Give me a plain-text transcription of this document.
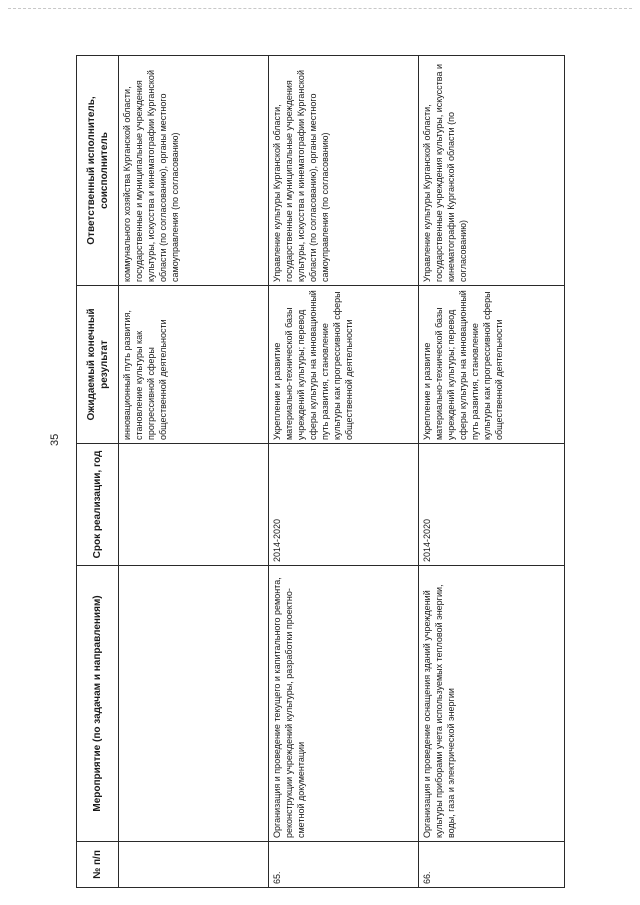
35
№ п/п	Мероприятие (по задачам и направлениям)	Срок реализации, год	Ожидаемый конечный результат	Ответственный исполнитель, соисполнитель
			инновационный путь развития, становление культуры как прогрессивной сферы общественной деятельности	коммунального хозяйства Курганской области, государственные и муниципальные учреждения культуры, искусства и кинематографии Курганской области (по согласованию), органы местного самоуправления (по согласованию)
65.	Организация и проведение текущего и капитального ремонта, реконструкции учреждений культуры, разработки проектно-сметной документации	2014-2020	Укрепление и развитие материально-технической базы учреждений культуры; перевод сферы культуры на инновационный путь развития, становление культуры как прогрессивной сферы общественной деятельности	Управление культуры Курганской области, государственные и муниципальные учреждения культуры, искусства и кинематографии Курганской области (по согласованию), органы местного самоуправления (по согласованию)
66.	Организация и проведение оснащения зданий учреждений культуры приборами учета используемых тепловой энергии, воды, газа и электрической энергии	2014-2020	Укрепление и развитие материально-технической базы учреждений культуры; перевод сферы культуры на инновационный путь развития, становление культуры как прогрессивной сферы общественной деятельности	Управление культуры Курганской области, государственные учреждения культуры, искусства и кинематографии Курганской области (по согласованию)
